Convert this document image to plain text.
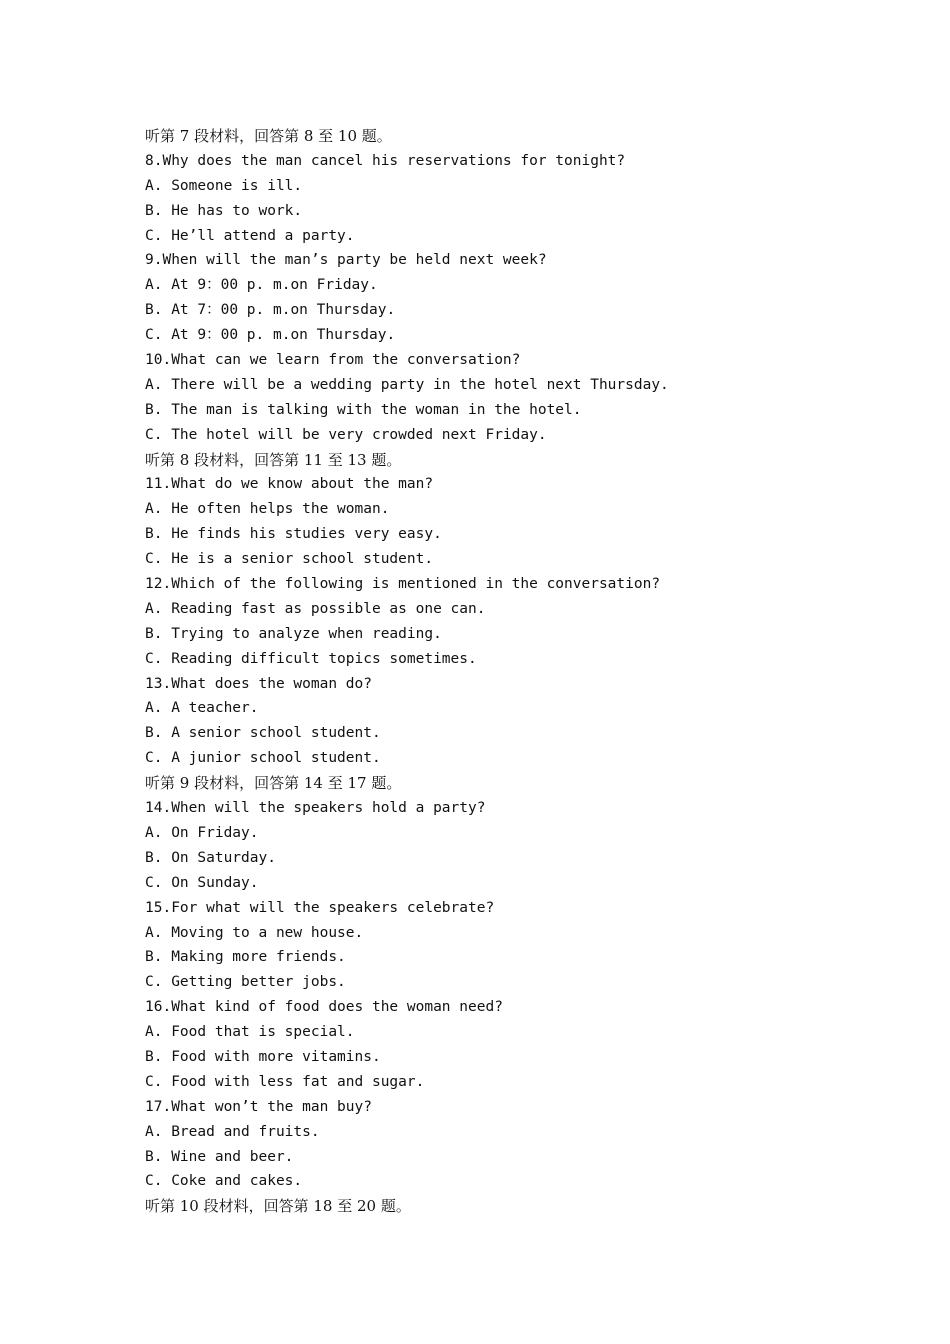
听第 7 段材料，回答第 8 至 10 题。
8.Why does the man cancel his reservations for tonight?
A. Someone is ill.
B. He has to work.
C. He’ll attend a party.
9.When will the man’s party be held next week?
A. At 9：00 p. m.on Friday.
B. At 7：00 p. m.on Thursday.
C. At 9：00 p. m.on Thursday.
10.What can we learn from the conversation?
A. There will be a wedding party in the hotel next Thursday.
B. The man is talking with the woman in the hotel.
C. The hotel will be very crowded next Friday.
听第 8 段材料，回答第 11 至 13 题。
11.What do we know about the man?
A. He often helps the woman.
B. He finds his studies very easy.
C. He is a senior school student.
12.Which of the following is mentioned in the conversation?
A. Reading fast as possible as one can.
B. Trying to analyze when reading.
C. Reading difficult topics sometimes.
13.What does the woman do?
A. A teacher.
B. A senior school student.
C. A junior school student.
听第 9 段材料，回答第 14 至 17 题。
14.When will the speakers hold a party?
A. On Friday.
B. On Saturday.
C. On Sunday.
15.For what will the speakers celebrate?
A. Moving to a new house.
B. Making more friends.
C. Getting better jobs.
16.What kind of food does the woman need?
A. Food that is special.
B. Food with more vitamins.
C. Food with less fat and sugar.
17.What won’t the man buy?
A. Bread and fruits.
B. Wine and beer.
C. Coke and cakes.
听第 10 段材料，回答第 18 至 20 题。
